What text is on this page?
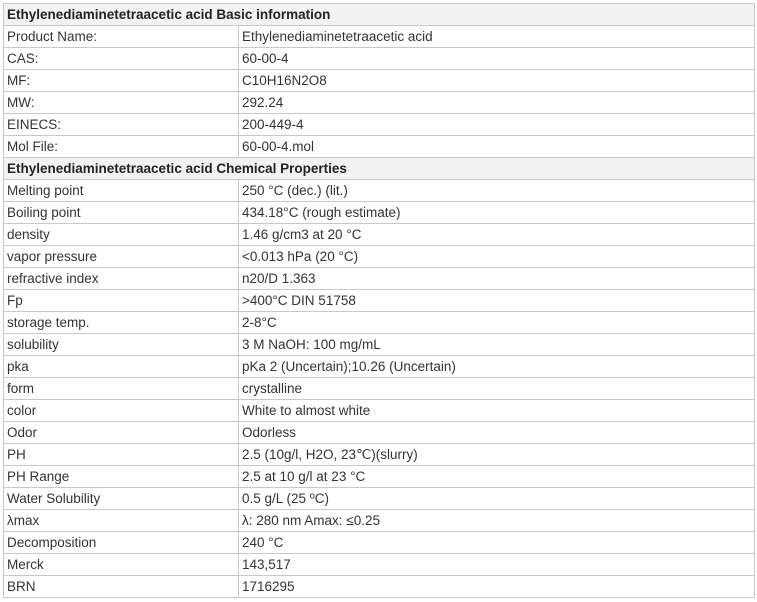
Ethylenediaminetetraacetic acid Basic information	
Product Name:	Ethylenediaminetetraacetic acid
CAS:	60-00-4
MF:	C10H16N2O8
MW:	292.24
EINECS:	200-449-4
Mol File:	60-00-4.mol
Ethylenediaminetetraacetic acid Chemical Properties	
Melting point	250 °C (dec.) (lit.)
Boiling point	434.18°C (rough estimate)
density	1.46 g/cm3 at 20 °C
vapor pressure	<0.013 hPa (20 °C)
refractive index	n20/D 1.363
Fp	>400°C DIN 51758
storage temp.	2-8°C
solubility	3 M NaOH: 100 mg/mL
pka	pKa 2 (Uncertain);10.26 (Uncertain)
form	crystalline
color	White to almost white
Odor	Odorless
PH	2.5 (10g/l, H2O, 23℃)(slurry)
PH Range	2.5 at 10 g/l at 23 °C
Water Solubility	0.5 g/L (25 ºC)
λmax	λ: 280 nm Amax: ≤0.25
Decomposition	240 °C
Merck	143,517
BRN	1716295
